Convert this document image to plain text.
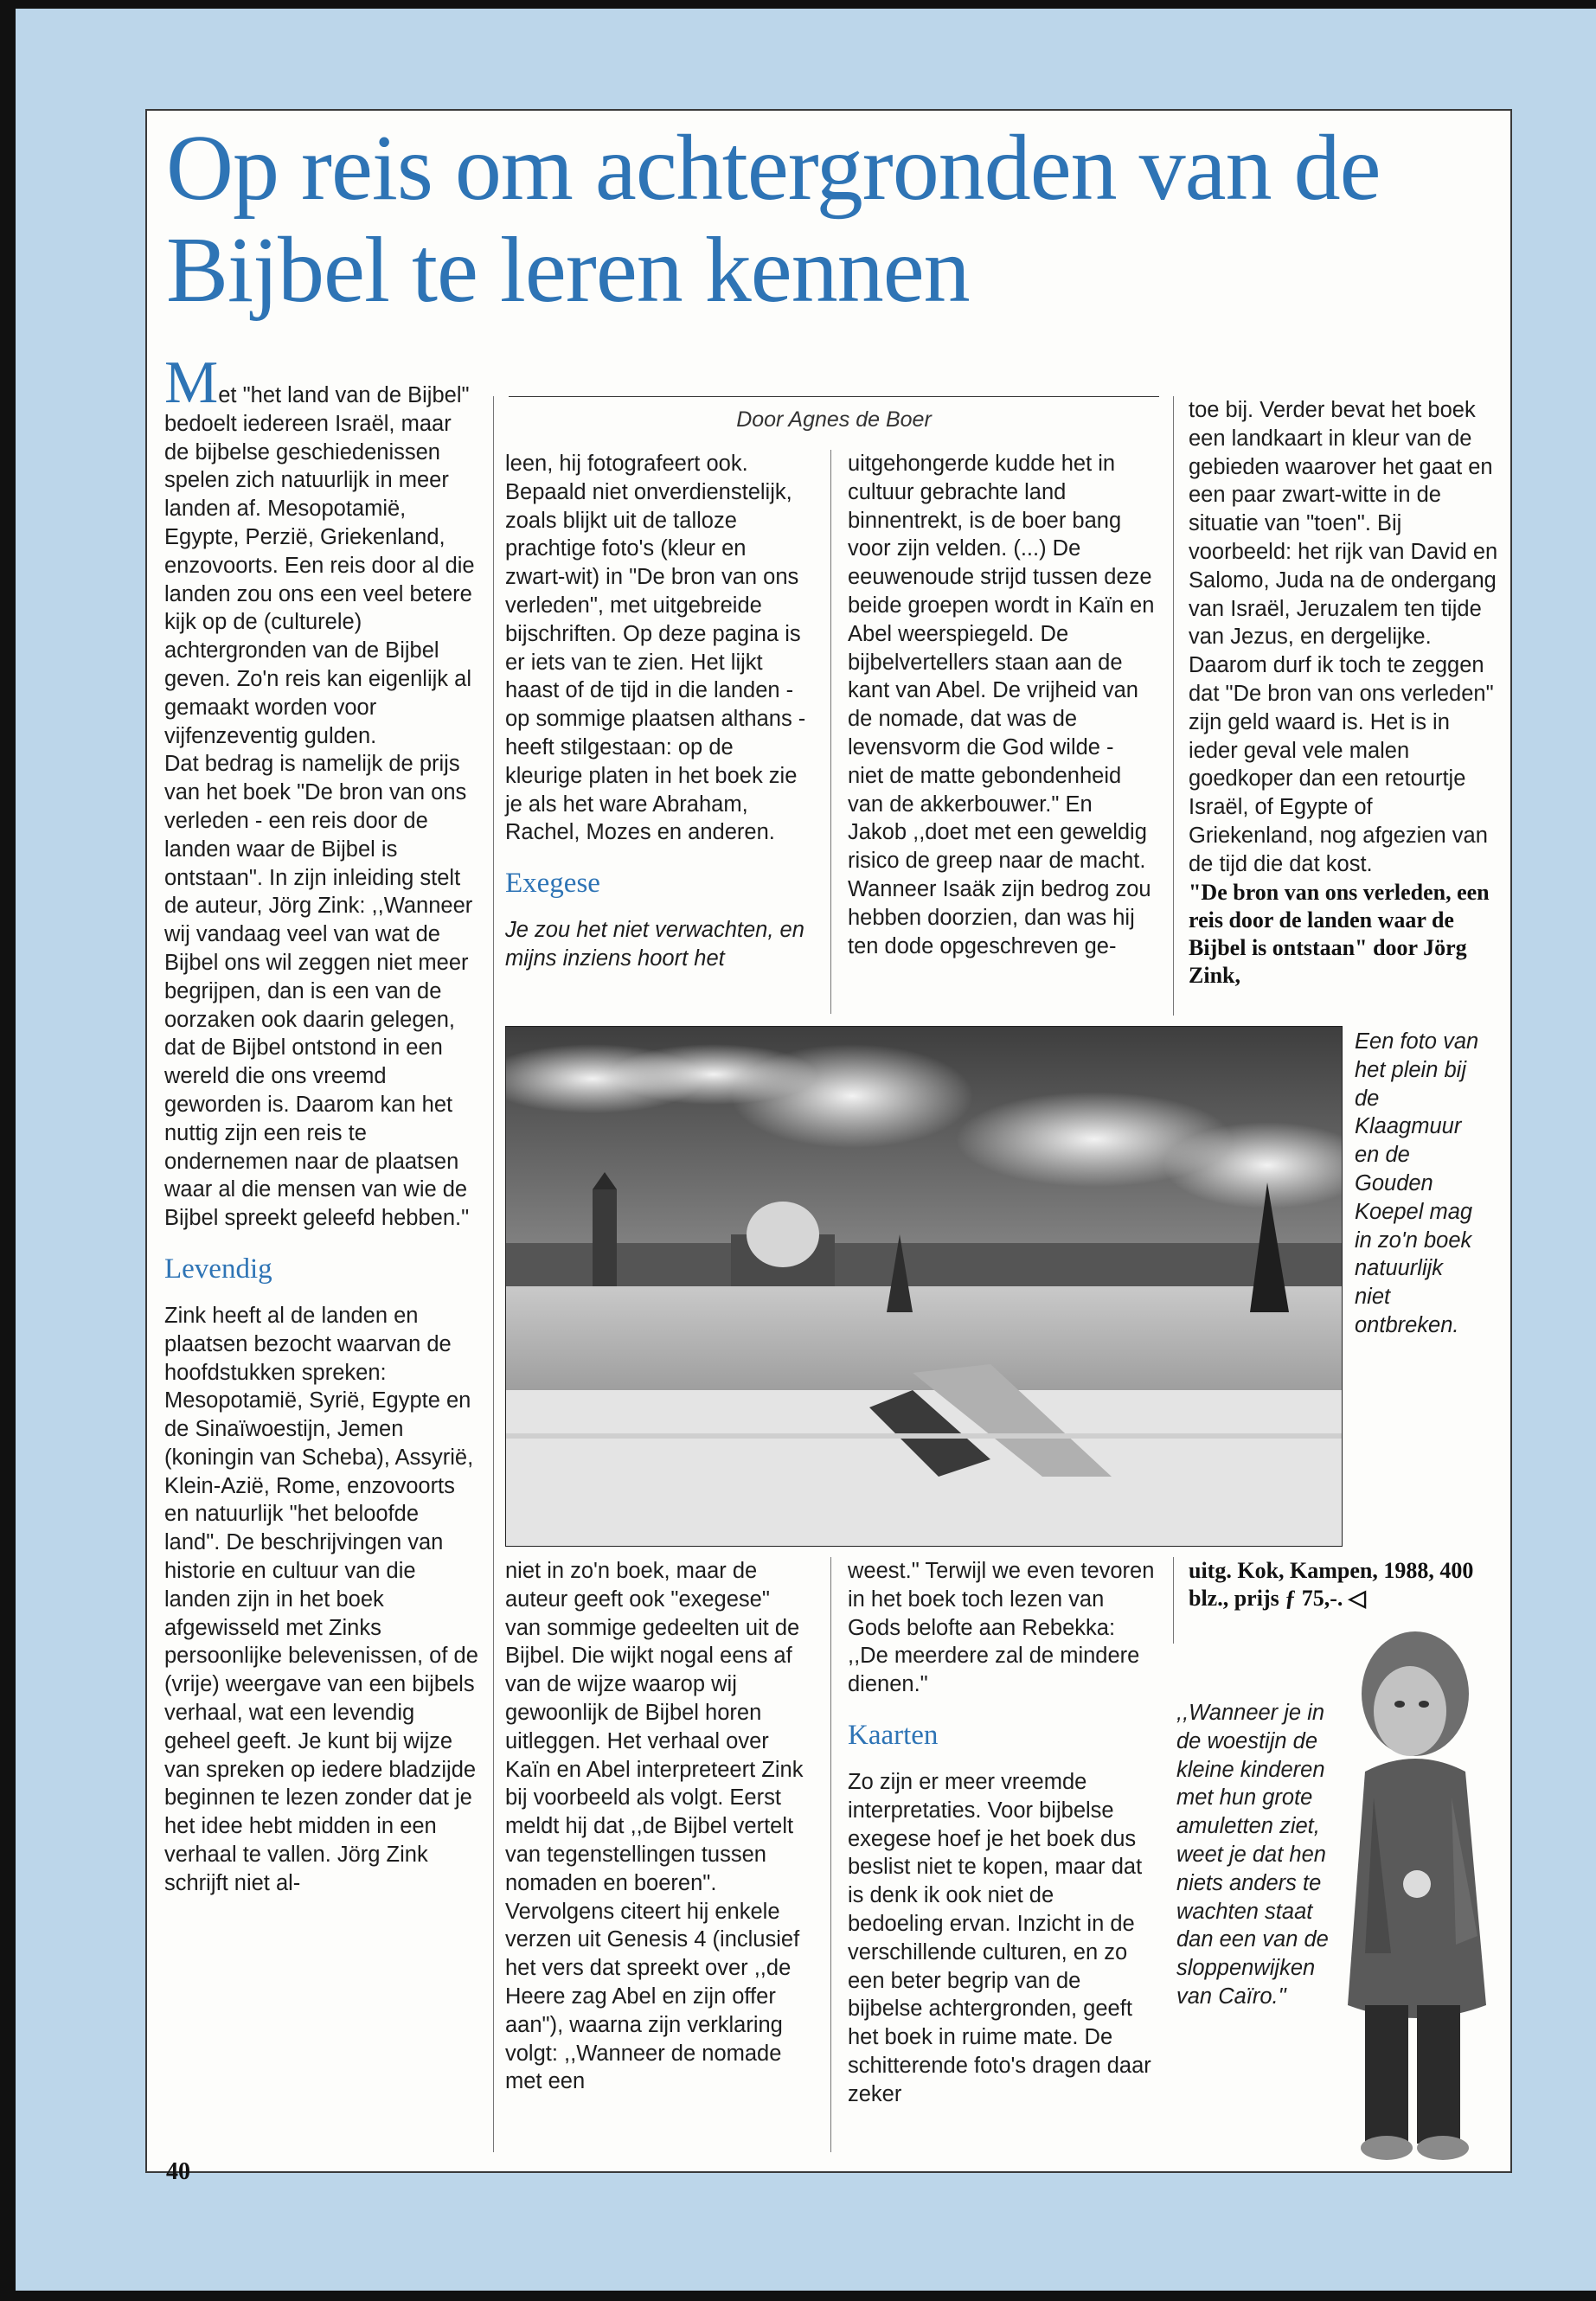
Op reis om achtergronden van de Bijbel te leren kennen

Met "het land van de Bijbel" bedoelt iedereen Israël, maar de bijbelse geschiedenissen spelen zich natuurlijk in meer landen af. Mesopotamië, Egypte, Perzië, Griekenland, enzovoorts. Een reis door al die landen zou ons een veel betere kijk op de (culturele) achtergronden van de Bijbel geven. Zo'n reis kan eigenlijk al gemaakt worden voor vijfenzeventig gulden.

Dat bedrag is namelijk de prijs van het boek "De bron van ons verleden - een reis door de landen waar de Bijbel is ontstaan". In zijn inleiding stelt de auteur, Jörg Zink: ,,Wanneer wij vandaag veel van wat de Bijbel ons wil zeggen niet meer begrijpen, dan is een van de oorzaken ook daarin gelegen, dat de Bijbel ontstond in een wereld die ons vreemd geworden is. Daarom kan het nuttig zijn een reis te ondernemen naar de plaatsen waar al die mensen van wie de Bijbel spreekt geleefd hebben."

Levendig

Zink heeft al de landen en plaatsen bezocht waarvan de hoofdstukken spreken: Mesopotamië, Syrië, Egypte en de Sinaïwoestijn, Jemen (koningin van Scheba), Assyrië, Klein-Azië, Rome, enzovoorts en natuurlijk "het beloofde land". De beschrijvingen van historie en cultuur van die landen zijn in het boek afgewisseld met Zinks persoonlijke belevenissen, of de (vrije) weergave van een bijbels verhaal, wat een levendig geheel geeft. Je kunt bij wijze van spreken op iedere bladzijde beginnen te lezen zonder dat je het idee hebt midden in een verhaal te vallen. Jörg Zink schrijft niet al-

Door Agnes de Boer

leen, hij fotografeert ook. Bepaald niet onverdienstelijk, zoals blijkt uit de talloze prachtige foto's (kleur en zwart-wit) in "De bron van ons verleden", met uitgebreide bijschriften. Op deze pagina is er iets van te zien. Het lijkt haast of de tijd in die landen - op sommige plaatsen althans - heeft stilgestaan: op de kleurige platen in het boek zie je als het ware Abraham, Rachel, Mozes en anderen.

Exegese

Je zou het niet verwachten, en mijns inziens hoort het

uitgehongerde kudde het in cultuur gebrachte land binnentrekt, is de boer bang voor zijn velden. (...) De eeuwenoude strijd tussen deze beide groepen wordt in Kaïn en Abel weerspiegeld. De bijbelvertellers staan aan de kant van Abel. De vrijheid van de nomade, dat was de levensvorm die God wilde - niet de matte gebondenheid van de akkerbouwer." En Jakob ,,doet met een geweldig risico de greep naar de macht. Wanneer Isaäk zijn bedrog zou hebben doorzien, dan was hij ten dode opgeschreven ge-

toe bij. Verder bevat het boek een landkaart in kleur van de gebieden waarover het gaat en een paar zwart-witte in de situatie van "toen". Bij voorbeeld: het rijk van David en Salomo, Juda na de ondergang van Israël, Jeruzalem ten tijde van Jezus, en dergelijke. Daarom durf ik toch te zeggen dat "De bron van ons verleden" zijn geld waard is. Het is in ieder geval vele malen goedkoper dan een retourtje Israël, of Egypte of Griekenland, nog afgezien van de tijd die dat kost.

"De bron van ons verleden, een reis door de landen waar de Bijbel is ontstaan" door Jörg Zink,

Een foto van het plein bij de Klaagmuur en de Gouden Koepel mag in zo'n boek natuurlijk niet ontbreken.

niet in zo'n boek, maar de auteur geeft ook "exegese" van sommige gedeelten uit de Bijbel. Die wijkt nogal eens af van de wijze waarop wij gewoonlijk de Bijbel horen uitleggen. Het verhaal over Kaïn en Abel interpreteert Zink bij voorbeeld als volgt. Eerst meldt hij dat ,,de Bijbel vertelt van tegenstellingen tussen nomaden en boeren". Vervolgens citeert hij enkele verzen uit Genesis 4 (inclusief het vers dat spreekt over ,,de Heere zag Abel en zijn offer aan"), waarna zijn verklaring volgt: ,,Wanneer de nomade met een

weest." Terwijl we even tevoren in het boek toch lezen van Gods belofte aan Rebekka: ,,De meerdere zal de mindere dienen."

Kaarten

Zo zijn er meer vreemde interpretaties. Voor bijbelse exegese hoef je het boek dus beslist niet te kopen, maar dat is denk ik ook niet de bedoeling ervan. Inzicht in de verschillende culturen, en zo een beter begrip van de bijbelse achtergronden, geeft het boek in ruime mate. De schitterende foto's dragen daar zeker

uitg. Kok, Kampen, 1988, 400 blz., prijs ƒ 75,-. ◁

,,Wanneer je in de woestijn de kleine kinderen met hun grote amuletten ziet, weet je dat hen niets anders te wachten staat dan een van de sloppenwijken van Caïro."
40
